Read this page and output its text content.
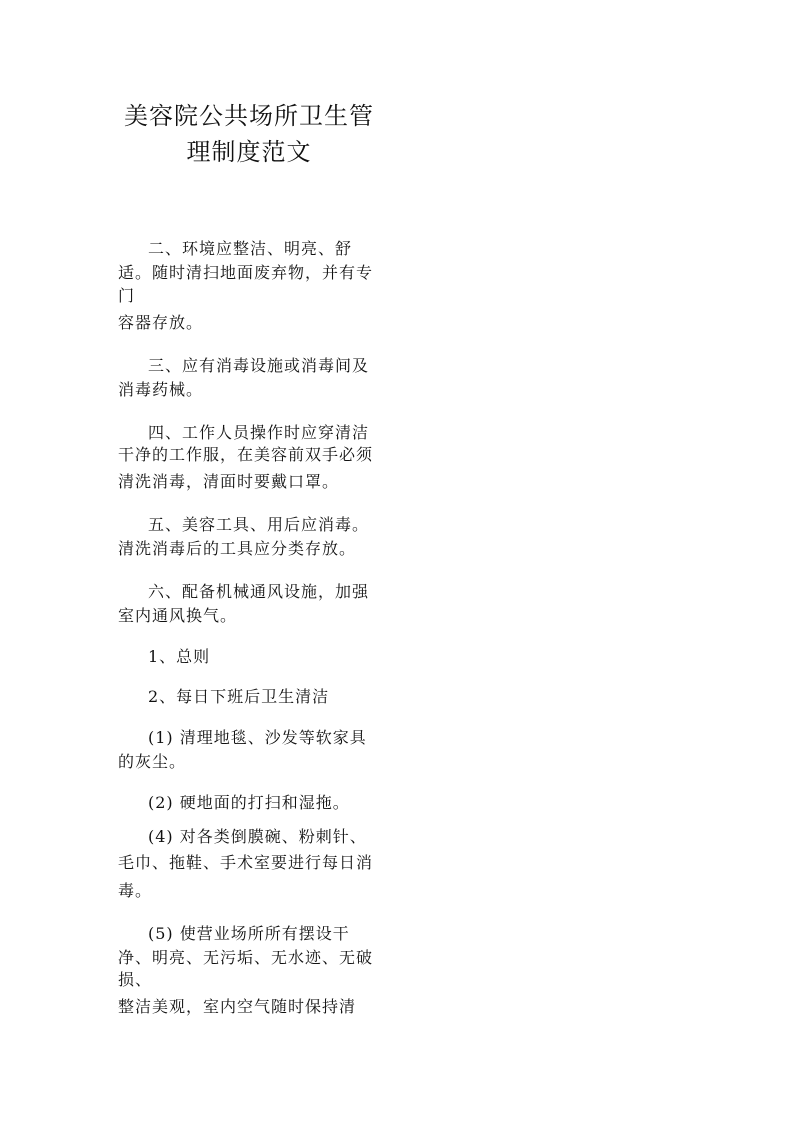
美容院公共场所卫生管
理制度范文
二、环境应整洁、明亮、舒
适。随时清扫地面废弃物，并有专
门
容器存放。
三、应有消毒设施或消毒间及
消毒药械。
四、工作人员操作时应穿清洁
干净的工作服，在美容前双手必须
清洗消毒，清面时要戴口罩。
五、美容工具、用后应消毒。
清洗消毒后的工具应分类存放。
六、配备机械通风设施，加强
室内通风换气。
1、总则
2、每日下班后卫生清洁
(1) 清理地毯、沙发等软家具
的灰尘。
(2) 硬地面的打扫和湿拖。
(4) 对各类倒膜碗、粉刺针、
毛巾、拖鞋、手术室要进行每日消
毒。
(5) 使营业场所所有摆设干
净、明亮、无污垢、无水迹、无破
损、
整洁美观，室内空气随时保持清
